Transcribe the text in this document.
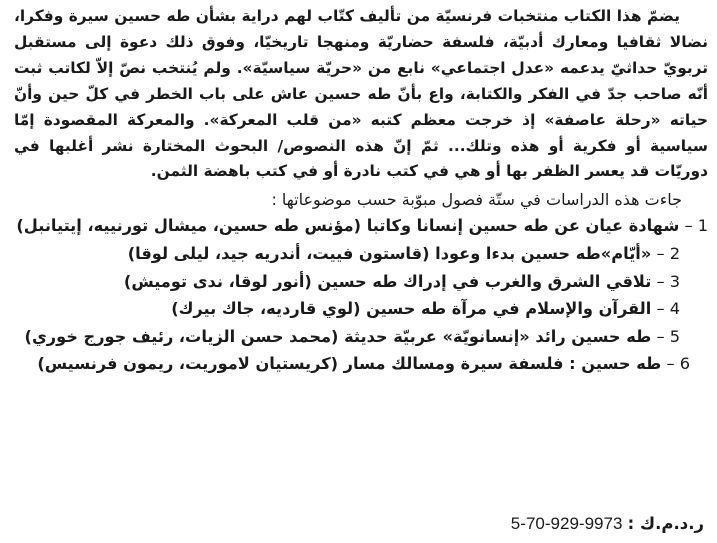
يضمّ هذا الكتاب منتخبات فرنسيّة من تأليف كتّاب لهم دراية بشأن طه حسين سيرة وفكرا، نضالا ثقافيا ومعارك أدبيّة، فلسفة حضاريّة ومنهجا تاريخيّا، وفوق ذلك دعوة إلى مستقبل تربويّ حداثيّ يدعمه «عدل اجتماعي» نابع من «حريّة سياسيّة». ولم يُنتخب نصّ إلاّ لكاتب ثبت أنّه صاحب جدّ في الفكر والكتابة، واع بأنّ طه حسين عاش على باب الخطر في كلّ حين وأنّ حياته «رحلة عاصفة» إذ خرجت معظم كتبه «من قلب المعركة». والمعركة المقصودة إمّا سياسية أو فكرية أو هذه وتلك... ثمّ إنّ هذه النصوص/ البحوث المختارة نشر أغلبها في دوريّات قد يعسر الظفر بها أو هي في كتب نادرة أو في كتب باهضة الثمن.

جاءت هذه الدراسات في ستّة فصول مبوّبة حسب موضوعاتها :

1 – شهادة عيان عن طه حسين إنسانا وكاتبا (مؤنس طه حسين، ميشال تورنييه، إيتيانبل)
2 – «أيّام»طه حسين بدءا وعودا (قاستون فييت، أندريه جيد، ليلى لوقا)
3 – تلاقي الشرق والغرب في إدراك طه حسين (أنور لوقا، ندى توميش)
4 – القرآن والإسلام في مرآة طه حسين (لوي قارديه، جاك بيرك)
5 – طه حسين رائد «إنسانويّة» عربيّة حديثة (محمد حسن الزيات، رئيف جورج خوري)
6 – طه حسين : فلسفة سيرة ومسالك مسار (كريستيان لاموريت، ريمون فرنسيس)
ر.د.م.ك : 9973-929-70-5
